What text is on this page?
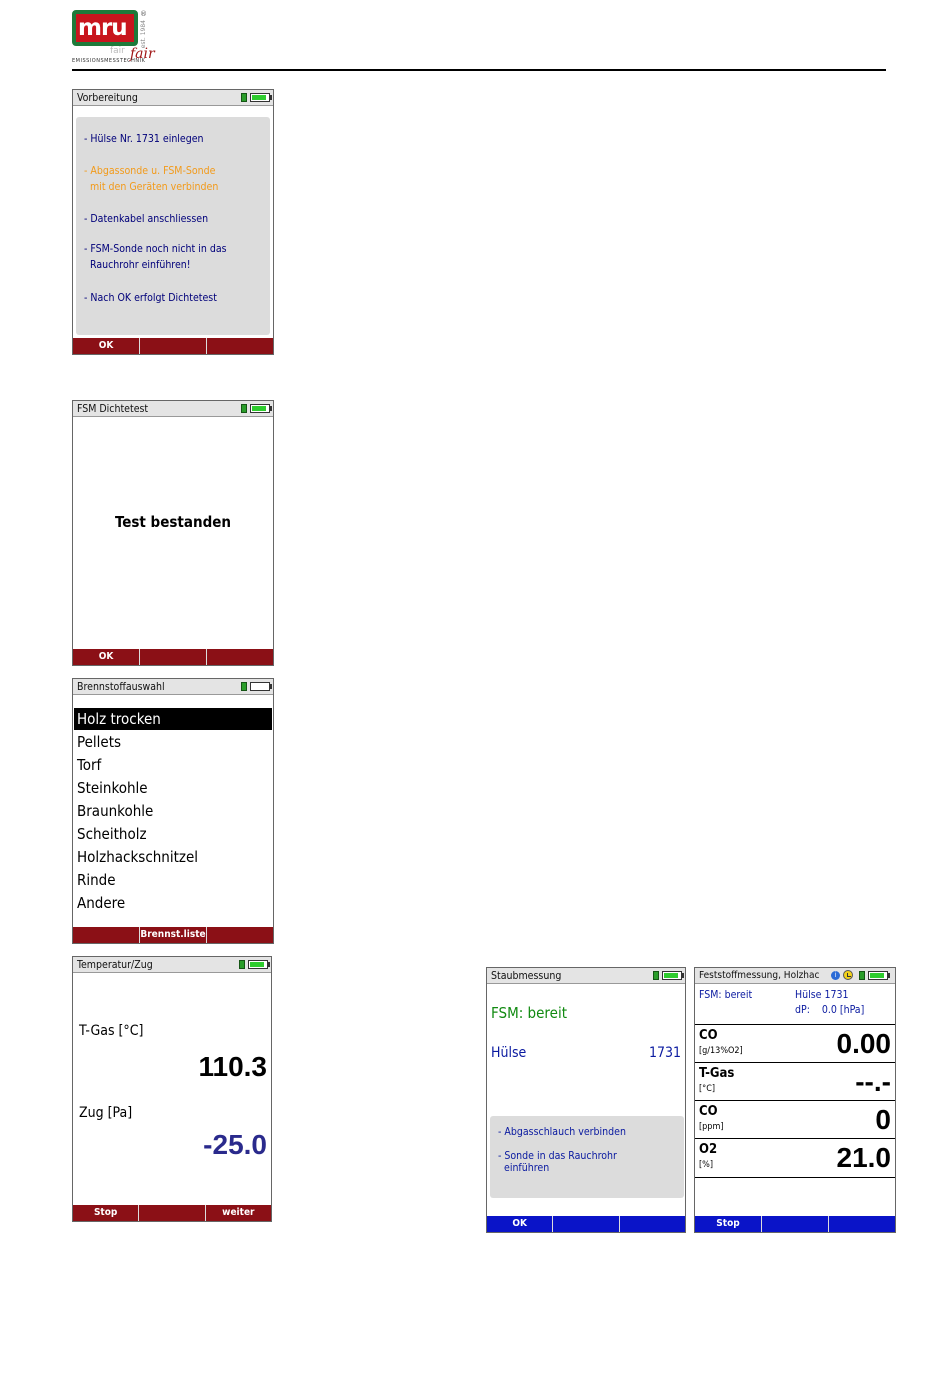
mru
®
est. 1984
fair fair
EMISSIONSMESSTECHNIK
Vorbereitung
- Hülse Nr. 1731 einlegen
- Abgassonde u. FSM-Sonde
mit den Geräten verbinden
- Datenkabel anschliessen
- FSM-Sonde noch nicht in das
Rauchrohr einführen!
- Nach OK erfolgt Dichtetest
OK
FSM Dichtetest
Test bestanden
OK
Brennstoffauswahl
Holz trocken
Pellets
Torf
Steinkohle
Braunkohle
Scheitholz
Holzhackschnitzel
Rinde
Andere
Brennst.liste
Temperatur/Zug
T-Gas [°C]
110.3
Zug [Pa]
-25.0
Stop	weiter
Staubmessung
FSM: bereit
Hülse	1731
- Abgasschlauch verbinden

- Sonde in das Rauchrohr
einführen
OK
Feststoffmessung, Holzhac	i
FSM: bereit	Hülse 1731
dP:    0.0 [hPa]
CO
[g/13%O2]	0.00
T-Gas
[°C]	--.-
CO
[ppm]	0
O2
[%]	21.0
Stop
